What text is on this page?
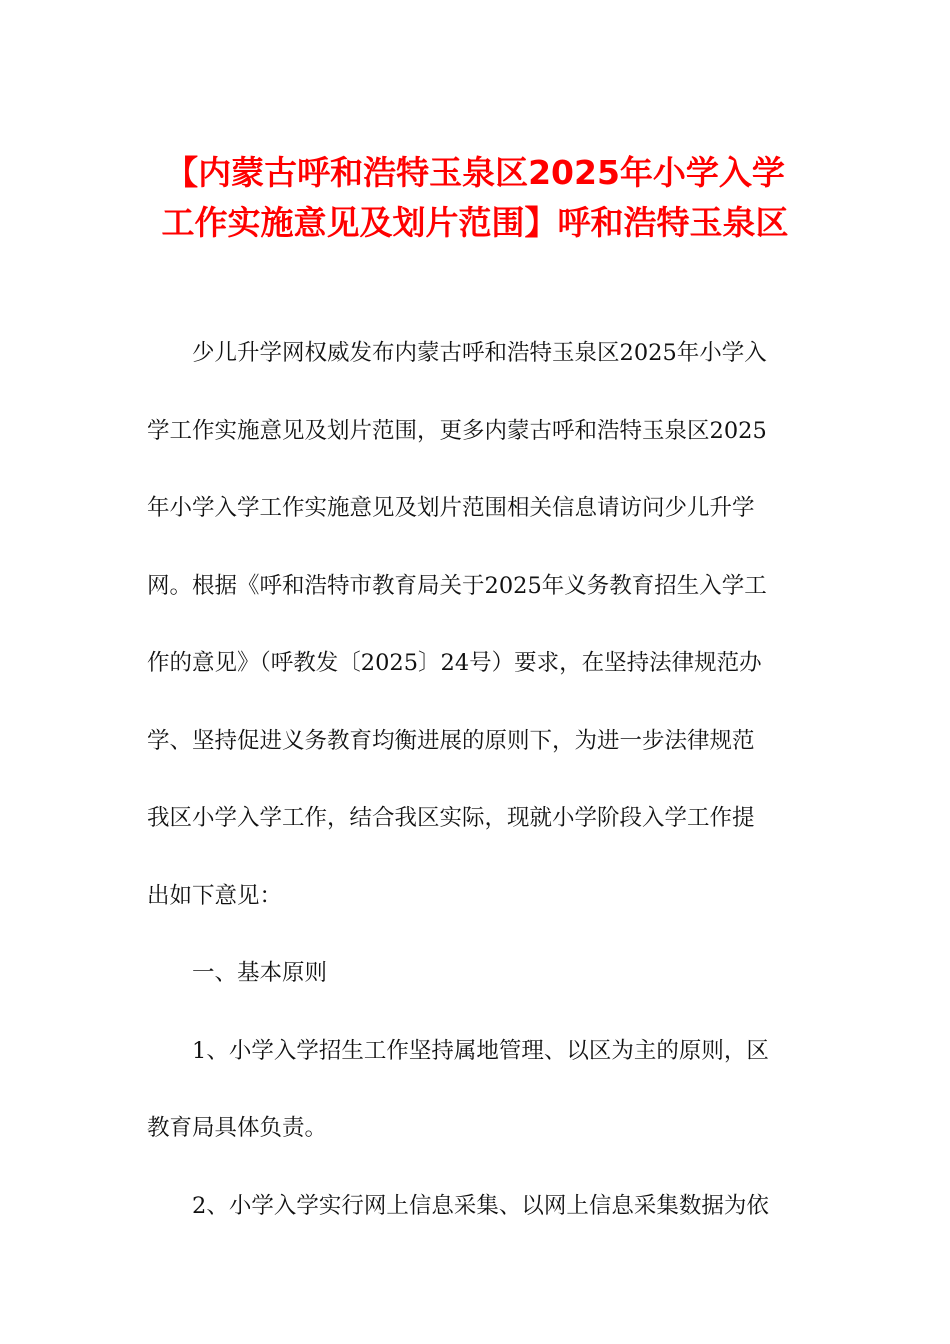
【内蒙古呼和浩特玉泉区2025年小学入学
工作实施意见及划片范围】呼和浩特玉泉区
少儿升学网权威发布内蒙古呼和浩特玉泉区2025年小学入
学工作实施意见及划片范围，更多内蒙古呼和浩特玉泉区2025
年小学入学工作实施意见及划片范围相关信息请访问少儿升学
网。根据《呼和浩特市教育局关于2025年义务教育招生入学工
作的意见》（呼教发〔2025〕24号）要求，在坚持法律规范办
学、坚持促进义务教育均衡进展的原则下，为进一步法律规范
我区小学入学工作，结合我区实际，现就小学阶段入学工作提
出如下意见：
一、基本原则
1、小学入学招生工作坚持属地管理、以区为主的原则，区
教育局具体负责。
2、小学入学实行网上信息采集、以网上信息采集数据为依
